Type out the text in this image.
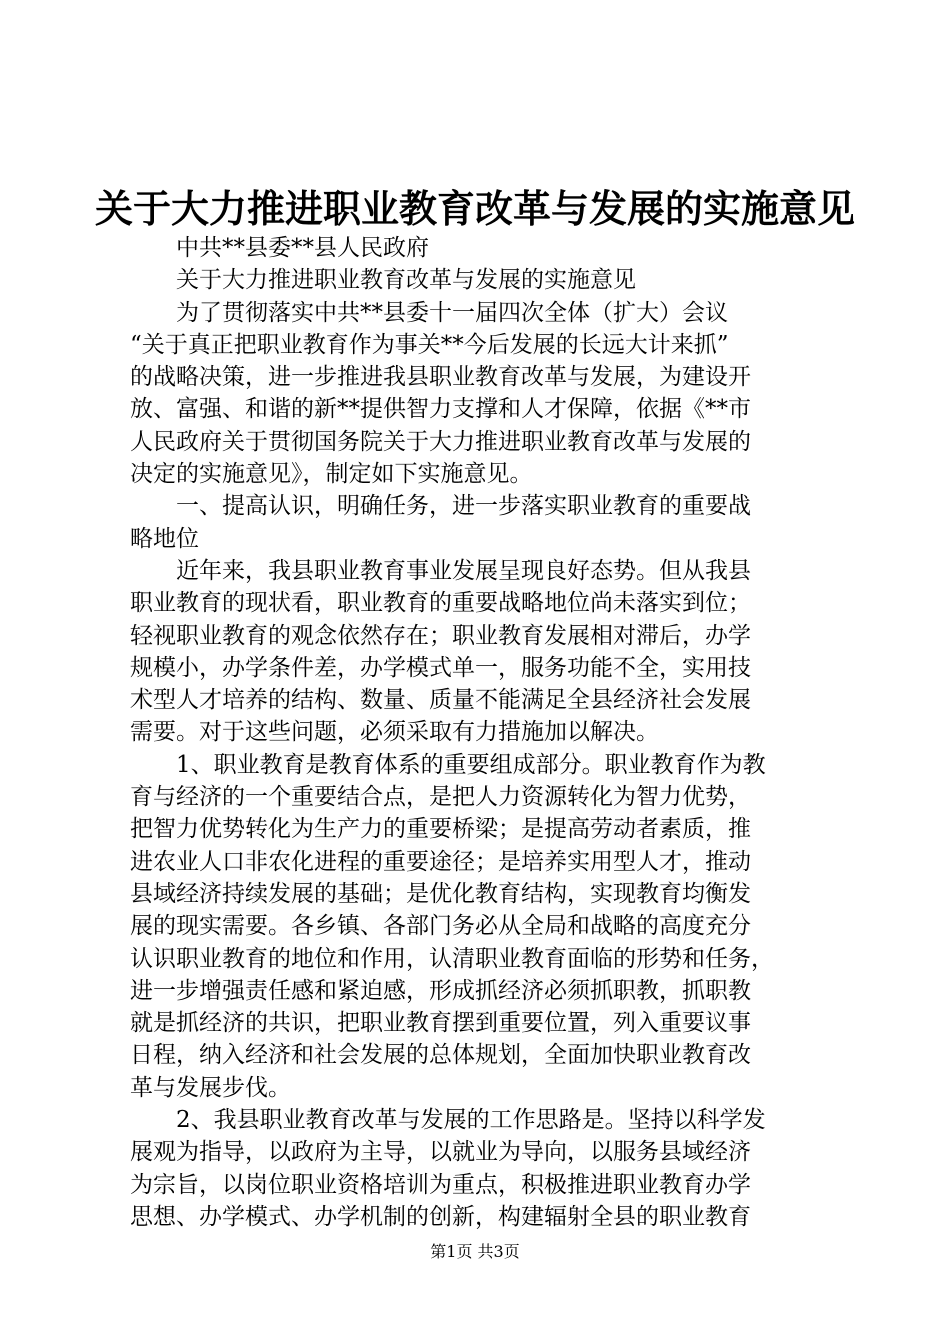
关于大力推进职业教育改革与发展的实施意见
　　中共**县委**县人民政府
　　关于大力推进职业教育改革与发展的实施意见
　　为了贯彻落实中共**县委十一届四次全体（扩大）会议
“关于真正把职业教育作为事关**今后发展的长远大计来抓”
的战略决策，进一步推进我县职业教育改革与发展，为建设开
放、富强、和谐的新**提供智力支撑和人才保障，依据《**市
人民政府关于贯彻国务院关于大力推进职业教育改革与发展的
决定的实施意见》，制定如下实施意见。
　　一、提高认识，明确任务，进一步落实职业教育的重要战
略地位
　　近年来，我县职业教育事业发展呈现良好态势。但从我县
职业教育的现状看，职业教育的重要战略地位尚未落实到位；
轻视职业教育的观念依然存在；职业教育发展相对滞后，办学
规模小，办学条件差，办学模式单一，服务功能不全，实用技
术型人才培养的结构、数量、质量不能满足全县经济社会发展
需要。对于这些问题，必须采取有力措施加以解决。
　　1、职业教育是教育体系的重要组成部分。职业教育作为教
育与经济的一个重要结合点，是把人力资源转化为智力优势，
把智力优势转化为生产力的重要桥梁；是提高劳动者素质，推
进农业人口非农化进程的重要途径；是培养实用型人才，推动
县域经济持续发展的基础；是优化教育结构，实现教育均衡发
展的现实需要。各乡镇、各部门务必从全局和战略的高度充分
认识职业教育的地位和作用，认清职业教育面临的形势和任务，
进一步增强责任感和紧迫感，形成抓经济必须抓职教，抓职教
就是抓经济的共识，把职业教育摆到重要位置，列入重要议事
日程，纳入经济和社会发展的总体规划，全面加快职业教育改
革与发展步伐。
　　2、我县职业教育改革与发展的工作思路是。坚持以科学发
展观为指导，以政府为主导，以就业为导向，以服务县域经济
为宗旨，以岗位职业资格培训为重点，积极推进职业教育办学
思想、办学模式、办学机制的创新，构建辐射全县的职业教育
第1页 共3页
